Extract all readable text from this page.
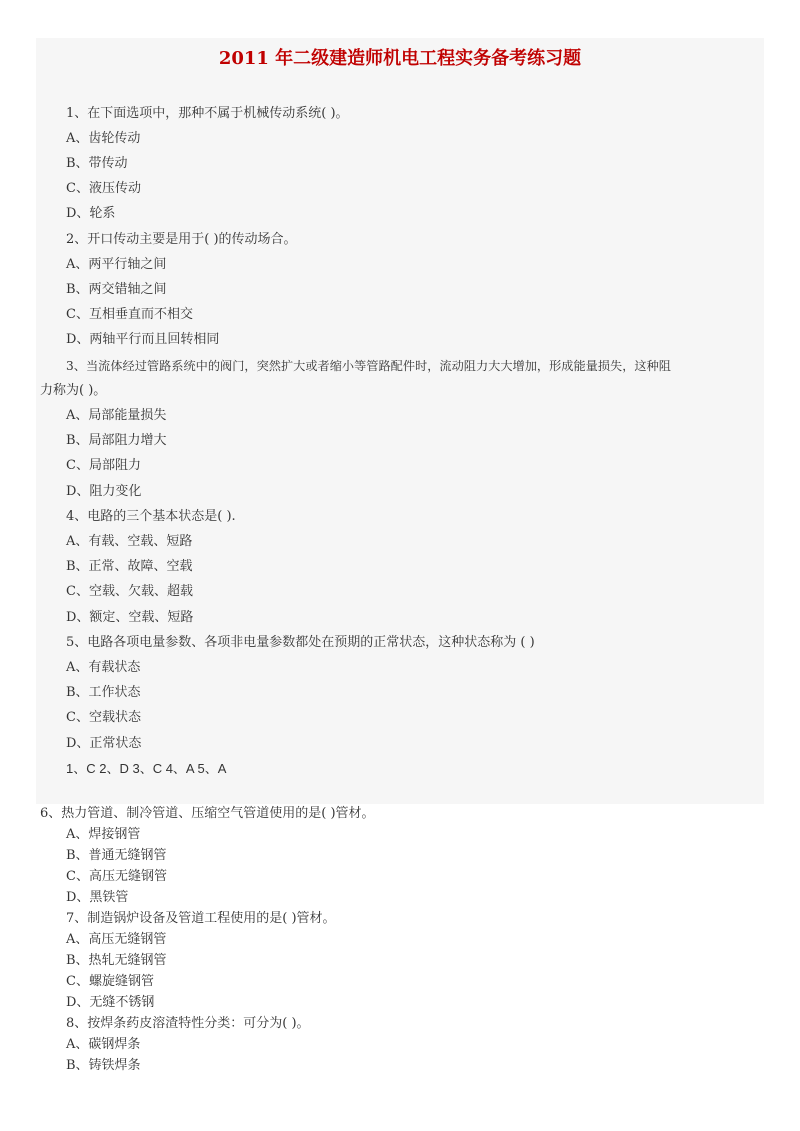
2011 年二级建造师机电工程实务备考练习题
1、在下面选项中，那种不属于机械传动系统( )。
A、齿轮传动
B、带传动
C、液压传动
D、轮系
2、开口传动主要是用于( )的传动场合。
A、两平行轴之间
B、两交错轴之间
C、互相垂直而不相交
D、两轴平行而且回转相同
3、当流体经过管路系统中的阀门，突然扩大或者缩小等管路配件时，流动阻力大大增加，形成能量损失，这种阻
力称为( )。
A、局部能量损失
B、局部阻力增大
C、局部阻力
D、阻力变化
4、电路的三个基本状态是( ).
A、有载、空载、短路
B、正常、故障、空载
C、空载、欠载、超载
D、额定、空载、短路
5、电路各项电量参数、各项非电量参数都处在预期的正常状态，这种状态称为 ( )
A、有载状态
B、工作状态
C、空载状态
D、正常状态
1、C 2、D 3、C 4、A 5、A
6、热力管道、制冷管道、压缩空气管道使用的是( )管材。
A、焊接钢管
B、普通无缝钢管
C、高压无缝钢管
D、黑铁管
7、制造锅炉设备及管道工程使用的是( )管材。
A、高压无缝钢管
B、热轧无缝钢管
C、螺旋缝钢管
D、无缝不锈钢
8、按焊条药皮溶渣特性分类：可分为( )。
A、碳钢焊条
B、铸铁焊条
